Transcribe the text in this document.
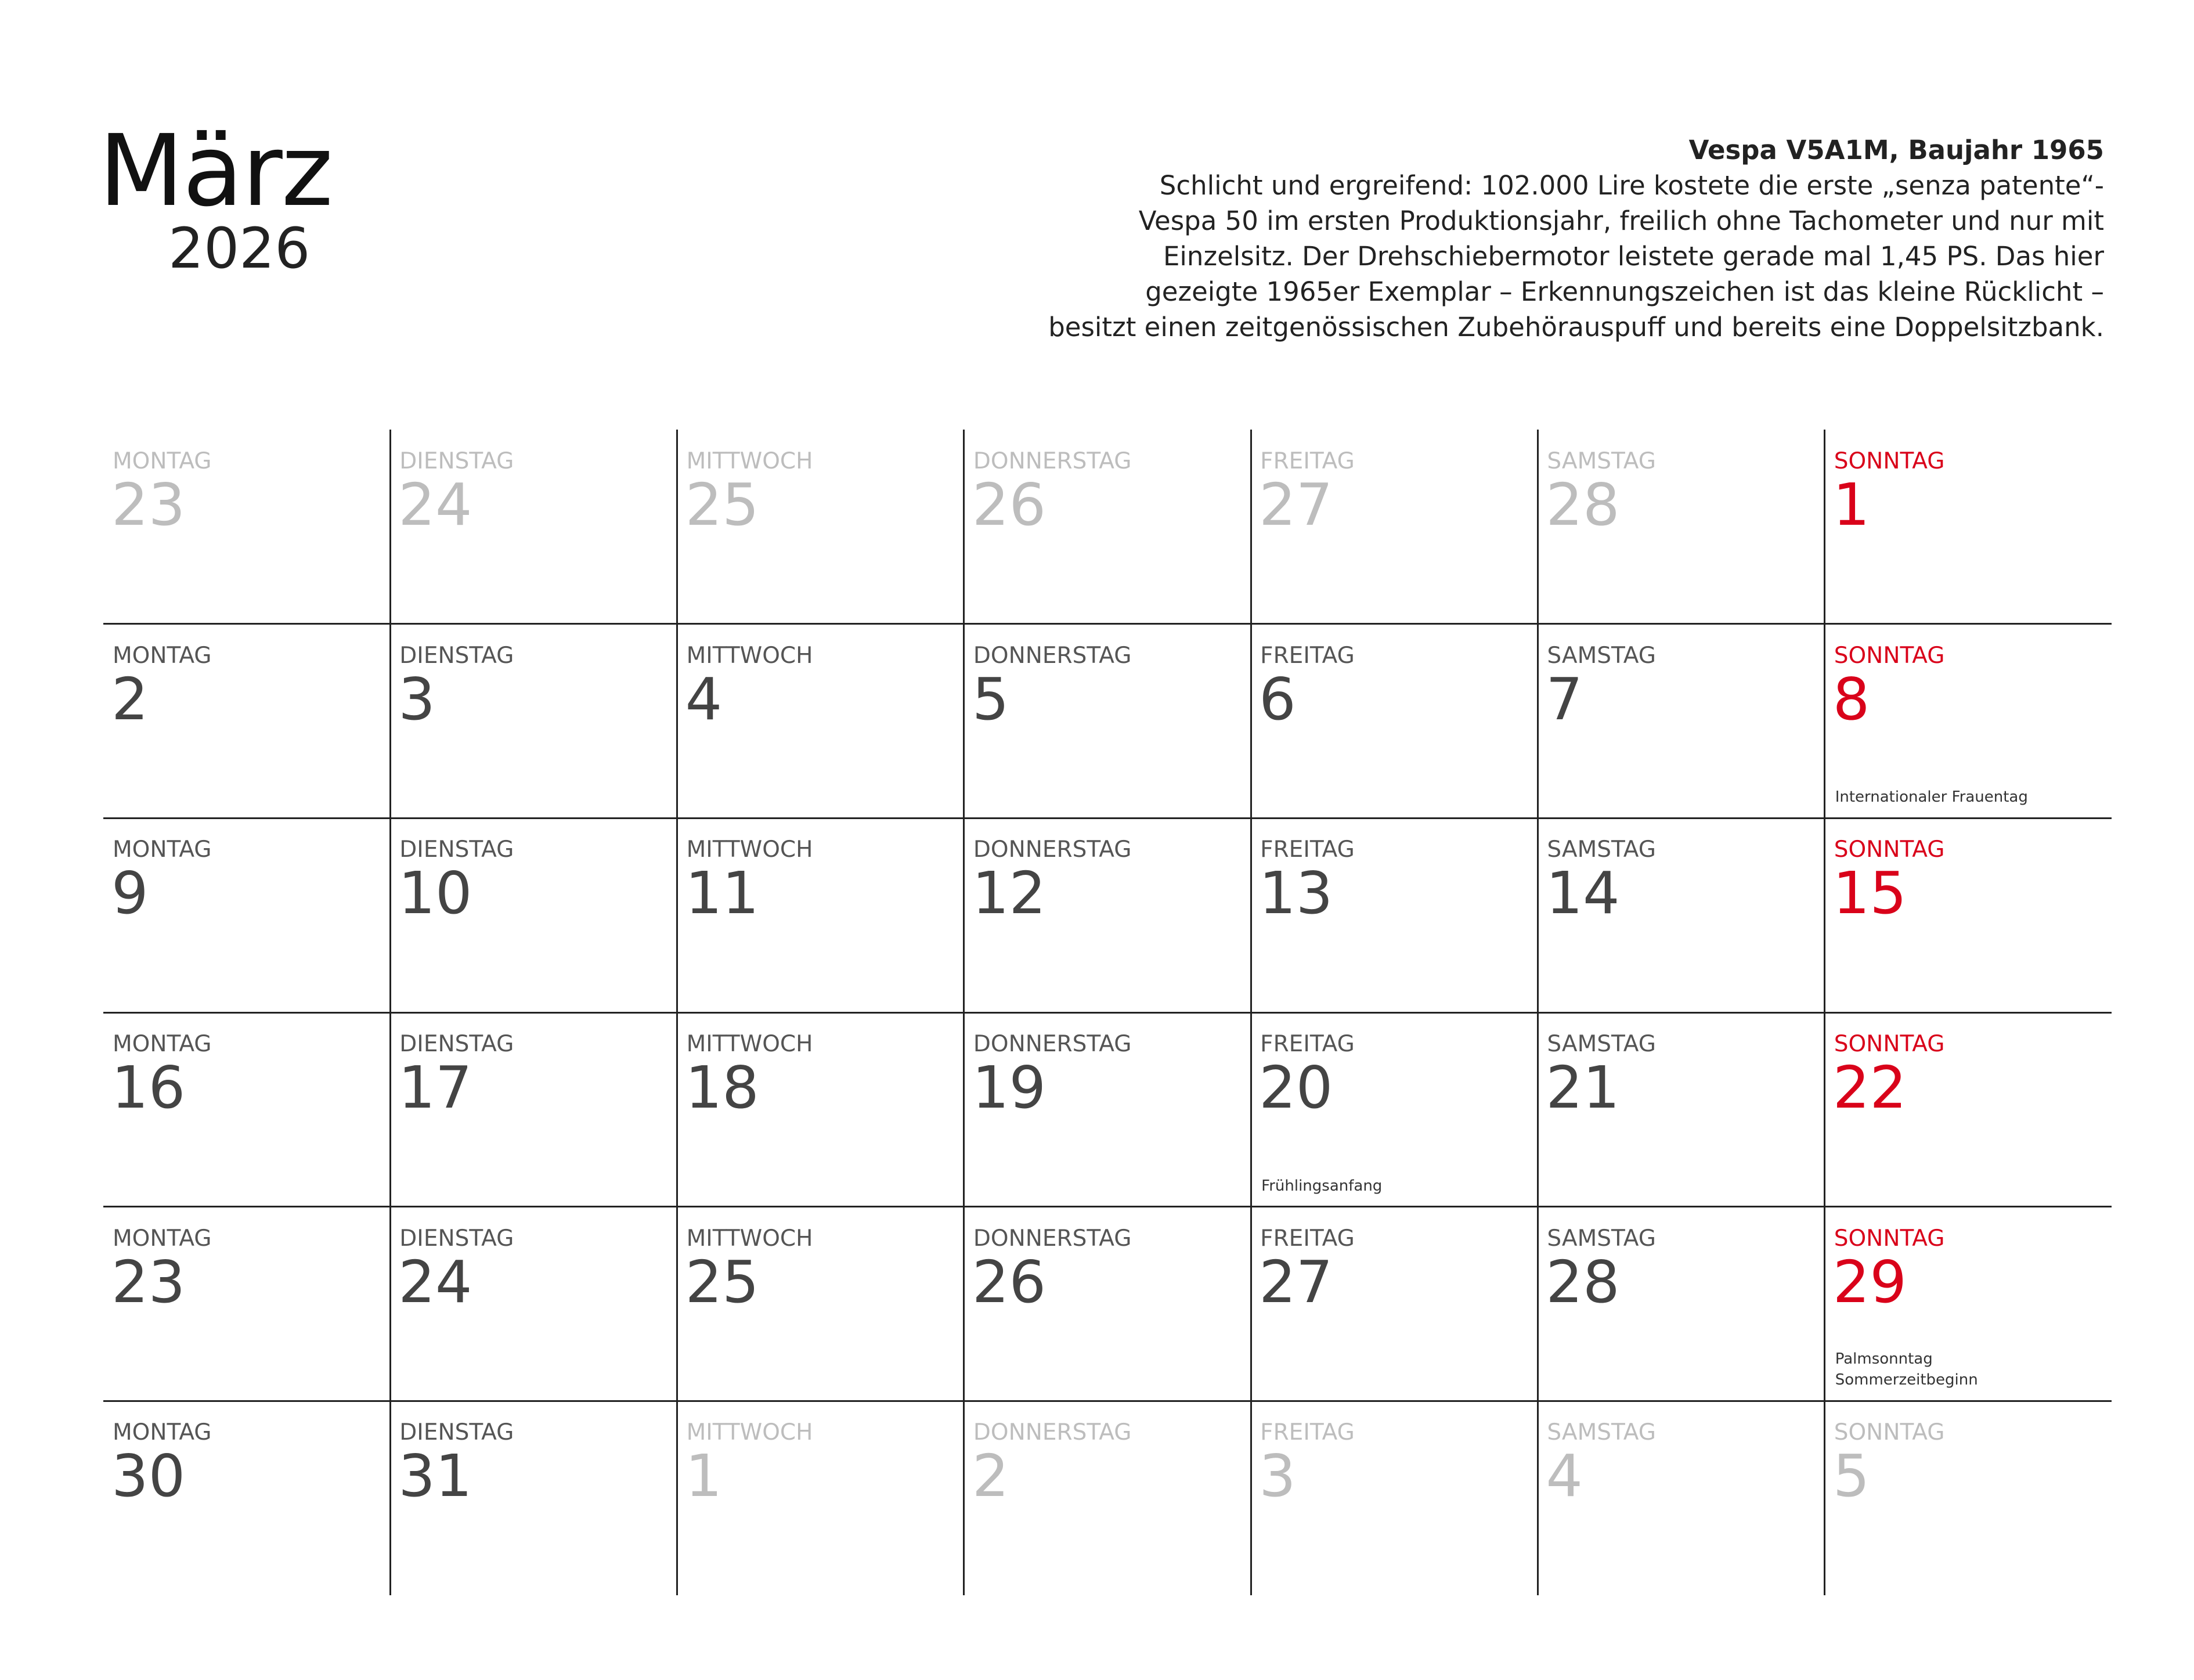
März
2026
Vespa V5A1M, Baujahr 1965
Schlicht und ergreifend: 102.000 Lire kostete die erste „senza patente“-
Vespa 50 im ersten Produktionsjahr, freilich ohne Tachometer und nur mit
Einzelsitz. Der Drehschiebermotor leistete gerade mal 1,45 PS. Das hier
gezeigte 1965er Exemplar – Erkennungszeichen ist das kleine Rücklicht –
besitzt einen zeitgenössischen Zubehörauspuff und bereits eine Doppelsitzbank.
MONTAG
23
DIENSTAG
24
MITTWOCH
25
DONNERSTAG
26
FREITAG
27
SAMSTAG
28
SONNTAG
1
MONTAG
2
DIENSTAG
3
MITTWOCH
4
DONNERSTAG
5
FREITAG
6
SAMSTAG
7
SONNTAG
8
Internationaler Frauentag
MONTAG
9
DIENSTAG
10
MITTWOCH
11
DONNERSTAG
12
FREITAG
13
SAMSTAG
14
SONNTAG
15
MONTAG
16
DIENSTAG
17
MITTWOCH
18
DONNERSTAG
19
FREITAG
20
Frühlingsanfang
SAMSTAG
21
SONNTAG
22
MONTAG
23
DIENSTAG
24
MITTWOCH
25
DONNERSTAG
26
FREITAG
27
SAMSTAG
28
SONNTAG
29
Palmsonntag
Sommerzeitbeginn
MONTAG
30
DIENSTAG
31
MITTWOCH
1
DONNERSTAG
2
FREITAG
3
SAMSTAG
4
SONNTAG
5
